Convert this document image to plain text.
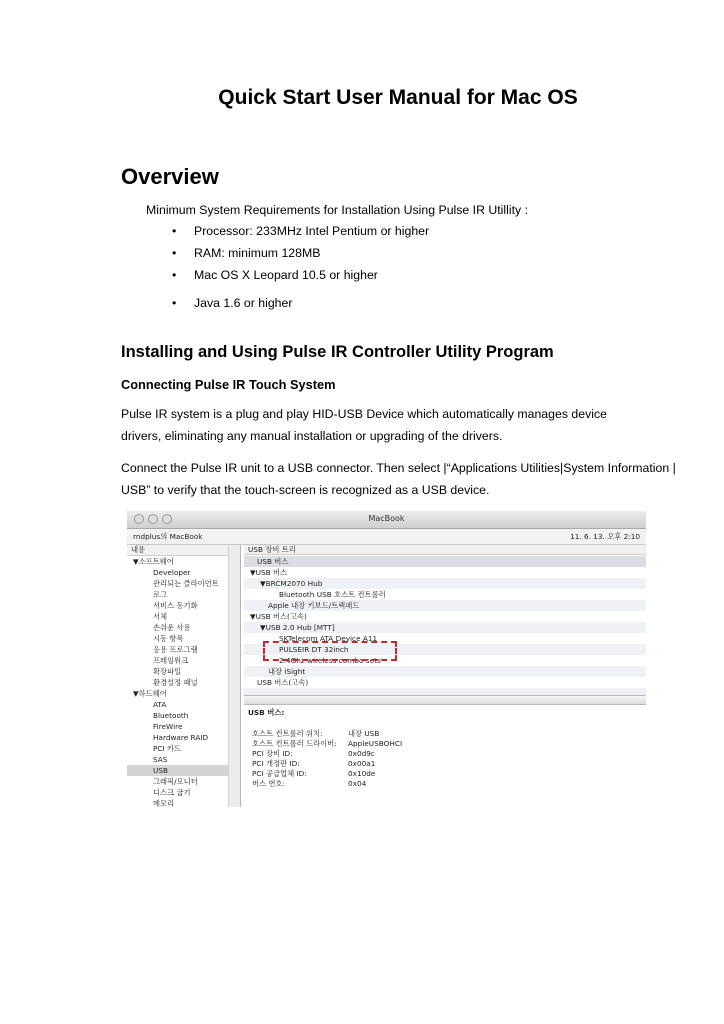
Quick Start User Manual for Mac OS
Overview
Minimum System Requirements for Installation Using Pulse IR Utillity :
• Processor: 233MHz Intel Pentium or higher
• RAM: minimum 128MB
• Mac OS X Leopard 10.5 or higher
• Java 1.6 or higher
Installing and Using Pulse IR Controller Utility Program
Connecting Pulse IR Touch System
Pulse IR system is a plug and play HID-USB Device which automatically manages device
drivers, eliminating any manual installation or upgrading of the drivers.
Connect the Pulse IR unit to a USB connector. Then select |“Applications Utilities|System Information |
USB” to verify that the touch-screen is recognized as a USB device.
MacBook
rndplus의 MacBook	11. 6. 13. 오후 2:10
내용
▼소프트웨어
Developer
관리되는 클라이언트
로그
서비스 동기화
서체
손쉬운 사용
시동 항목
응용 프로그램
프레임워크
확장파일
환경설정 패널
▼하드웨어
ATA
Bluetooth
FireWire
Hardware RAID
PCI 카드
SAS
USB
그래픽/모니터
디스크 굽기
메모리
USB 장비 트리
USB 버스
▼USB 버스
▼BRCM2070 Hub
Bluetooth USB 호스트 컨트롤러
Apple 내장 키보드/트랙패드
▼USB 버스(고속)
▼USB 2.0 Hub [MTT]
SKTelecom ATA Device A11
PULSEIR DT 32inch
2.4Ghz wireless combo sets
내장 iSight
USB 버스(고속)
USB 버스:
호스트 컨트롤러 위치:	내장 USB
호스트 컨트롤러 드라이버: AppleUSBOHCI
PCI 장비 ID:	0x0d9c
PCI 개정판 ID:	0x00a1
PCI 공급업체 ID:	0x10de
버스 번호:	0x04
